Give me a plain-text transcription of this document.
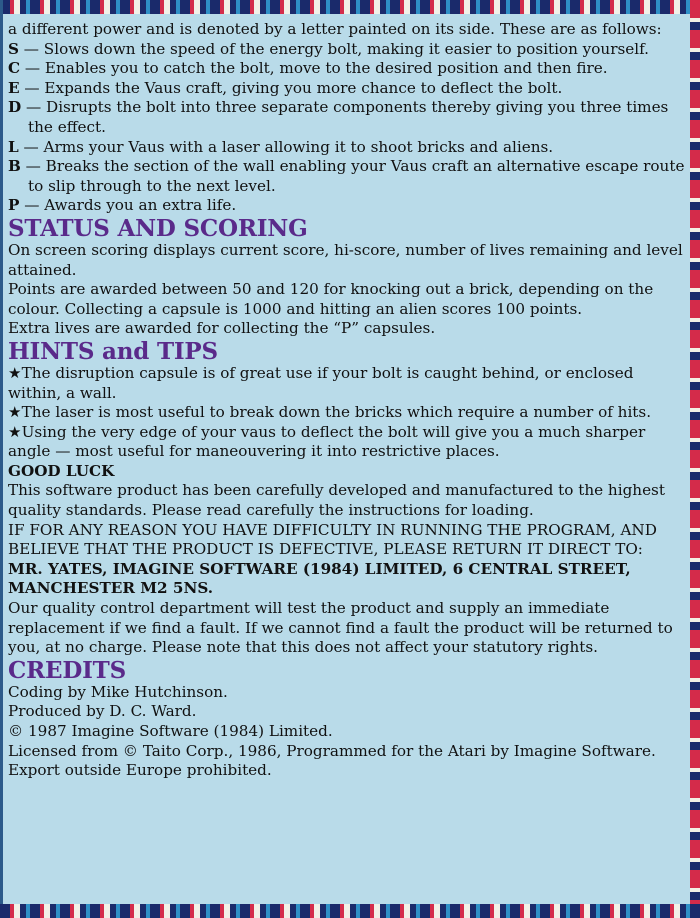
a different power and is denoted by a letter painted on its side. These are as follows:

S — Slows down the speed of the energy bolt, making it easier to position yourself.

C — Enables you to catch the bolt, move to the desired position and then fire.

E — Expands the Vaus craft, giving you more chance to deflect the bolt.

D — Disrupts the bolt into three separate components thereby giving you three times the effect.

L — Arms your Vaus with a laser allowing it to shoot bricks and aliens.

B — Breaks the section of the wall enabling your Vaus craft an alternative escape route to slip through to the next level.

P — Awards you an extra life.

STATUS AND SCORING

On screen scoring displays current score, hi-score, number of lives remaining and level attained.

Points are awarded between 50 and 120 for knocking out a brick, depending on the colour. Collecting a capsule is 1000 and hitting an alien scores 100 points.

Extra lives are awarded for collecting the “P” capsules.

HINTS and TIPS

★The disruption capsule is of great use if your bolt is caught behind, or enclosed within, a wall.

★The laser is most useful to break down the bricks which require a number of hits.

★Using the very edge of your vaus to deflect the bolt will give you a much sharper angle — most useful for maneouvering it into restrictive places.

GOOD LUCK

This software product has been carefully developed and manufactured to the highest quality standards. Please read carefully the instructions for loading.

IF FOR ANY REASON YOU HAVE DIFFICULTY IN RUNNING THE PROGRAM, AND BELIEVE THAT THE PRODUCT IS DEFECTIVE, PLEASE RETURN IT DIRECT TO:

MR. YATES, IMAGINE SOFTWARE (1984) LIMITED, 6 CENTRAL STREET, MANCHESTER M2 5NS.

Our quality control department will test the product and supply an immediate replacement if we find a fault. If we cannot find a fault the product will be returned to you, at no charge. Please note that this does not affect your statutory rights.

CREDITS

Coding by Mike Hutchinson.

Produced by D. C. Ward.

© 1987 Imagine Software (1984) Limited.

Licensed from © Taito Corp., 1986, Programmed for the Atari by Imagine Software. Export outside Europe prohibited.
